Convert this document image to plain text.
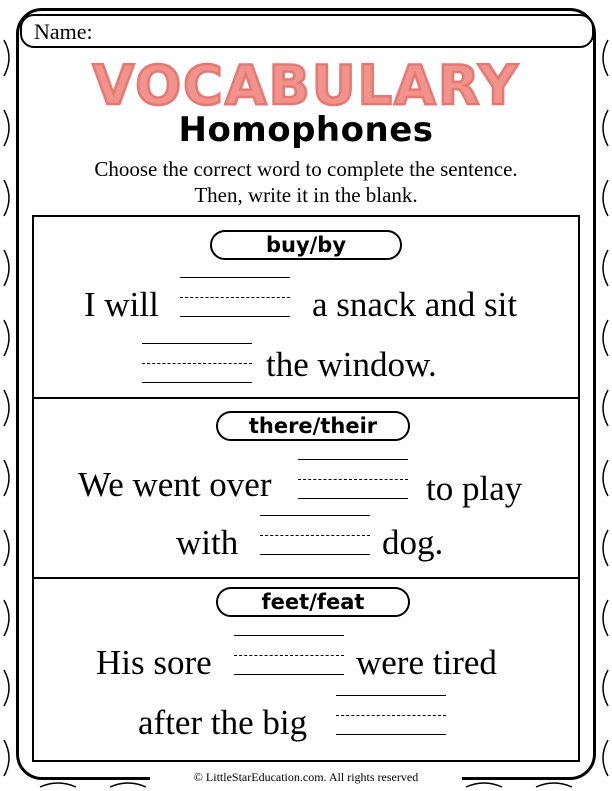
Name:
VOCABULARY
Homophones
Choose the correct word to complete the sentence.
Then, write it in the blank.
buy/by
I will	a snack and sit
the window.
there/their
We went over	to play
with	dog.
feet/feat
His sore	were tired
after the big
© LittleStarEducation.com. All rights reserved
